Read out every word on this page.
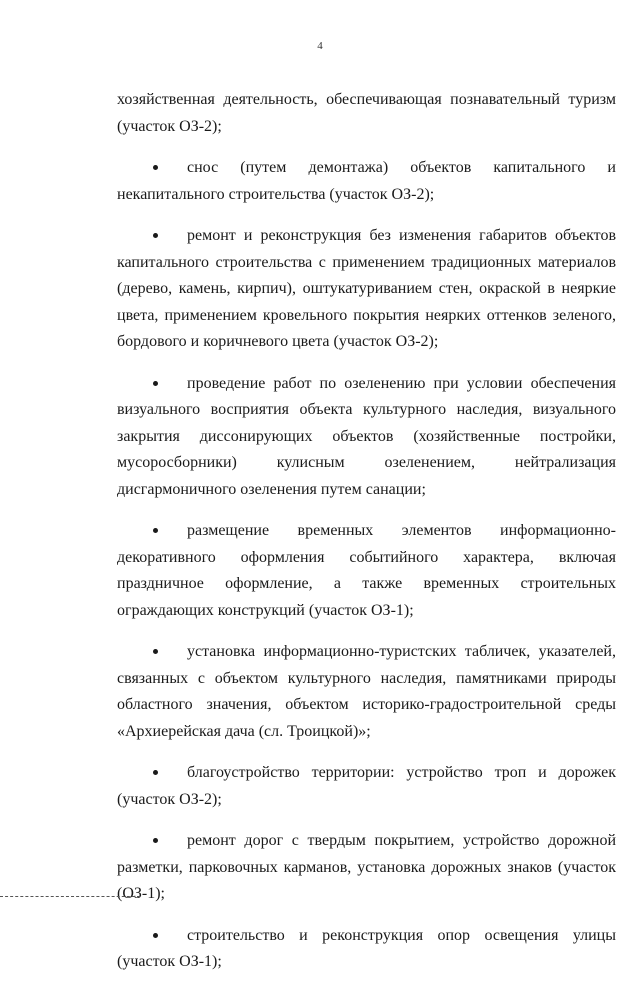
4

хозяйственная деятельность, обеспечивающая познавательный туризм (участок ОЗ-2);

снос (путем демонтажа) объектов капитального и некапитального строительства (участок ОЗ-2);

ремонт и реконструкция без изменения габаритов объектов капитального строительства с применением традиционных материалов (дерево, камень, кирпич), оштукатуриванием стен, окраской в неяркие цвета, применением кровельного покрытия неярких оттенков зеленого, бордового и коричневого цвета (участок ОЗ-2);

проведение работ по озеленению при условии обеспечения визуального восприятия объекта культурного наследия, визуального закрытия диссонирующих объектов (хозяйственные постройки, мусоросборники) кулисным озеленением, нейтрализация дисгармоничного озеленения путем санации;

размещение временных элементов информационно-декоративного оформления событийного характера, включая праздничное оформление, а также временных строительных ограждающих конструкций (участок ОЗ-1);

установка информационно-туристских табличек, указателей, связанных с объектом культурного наследия, памятниками природы областного значения, объектом историко-градостроительной среды «Архиерейская дача (сл. Троицкой)»;

благоустройство территории: устройство троп и дорожек (участок ОЗ-2);

ремонт дорог с твердым покрытием, устройство дорожной разметки, парковочных карманов, установка дорожных знаков (участок (ОЗ-1);

строительство и реконструкция опор освещения улицы (участок ОЗ-1);
